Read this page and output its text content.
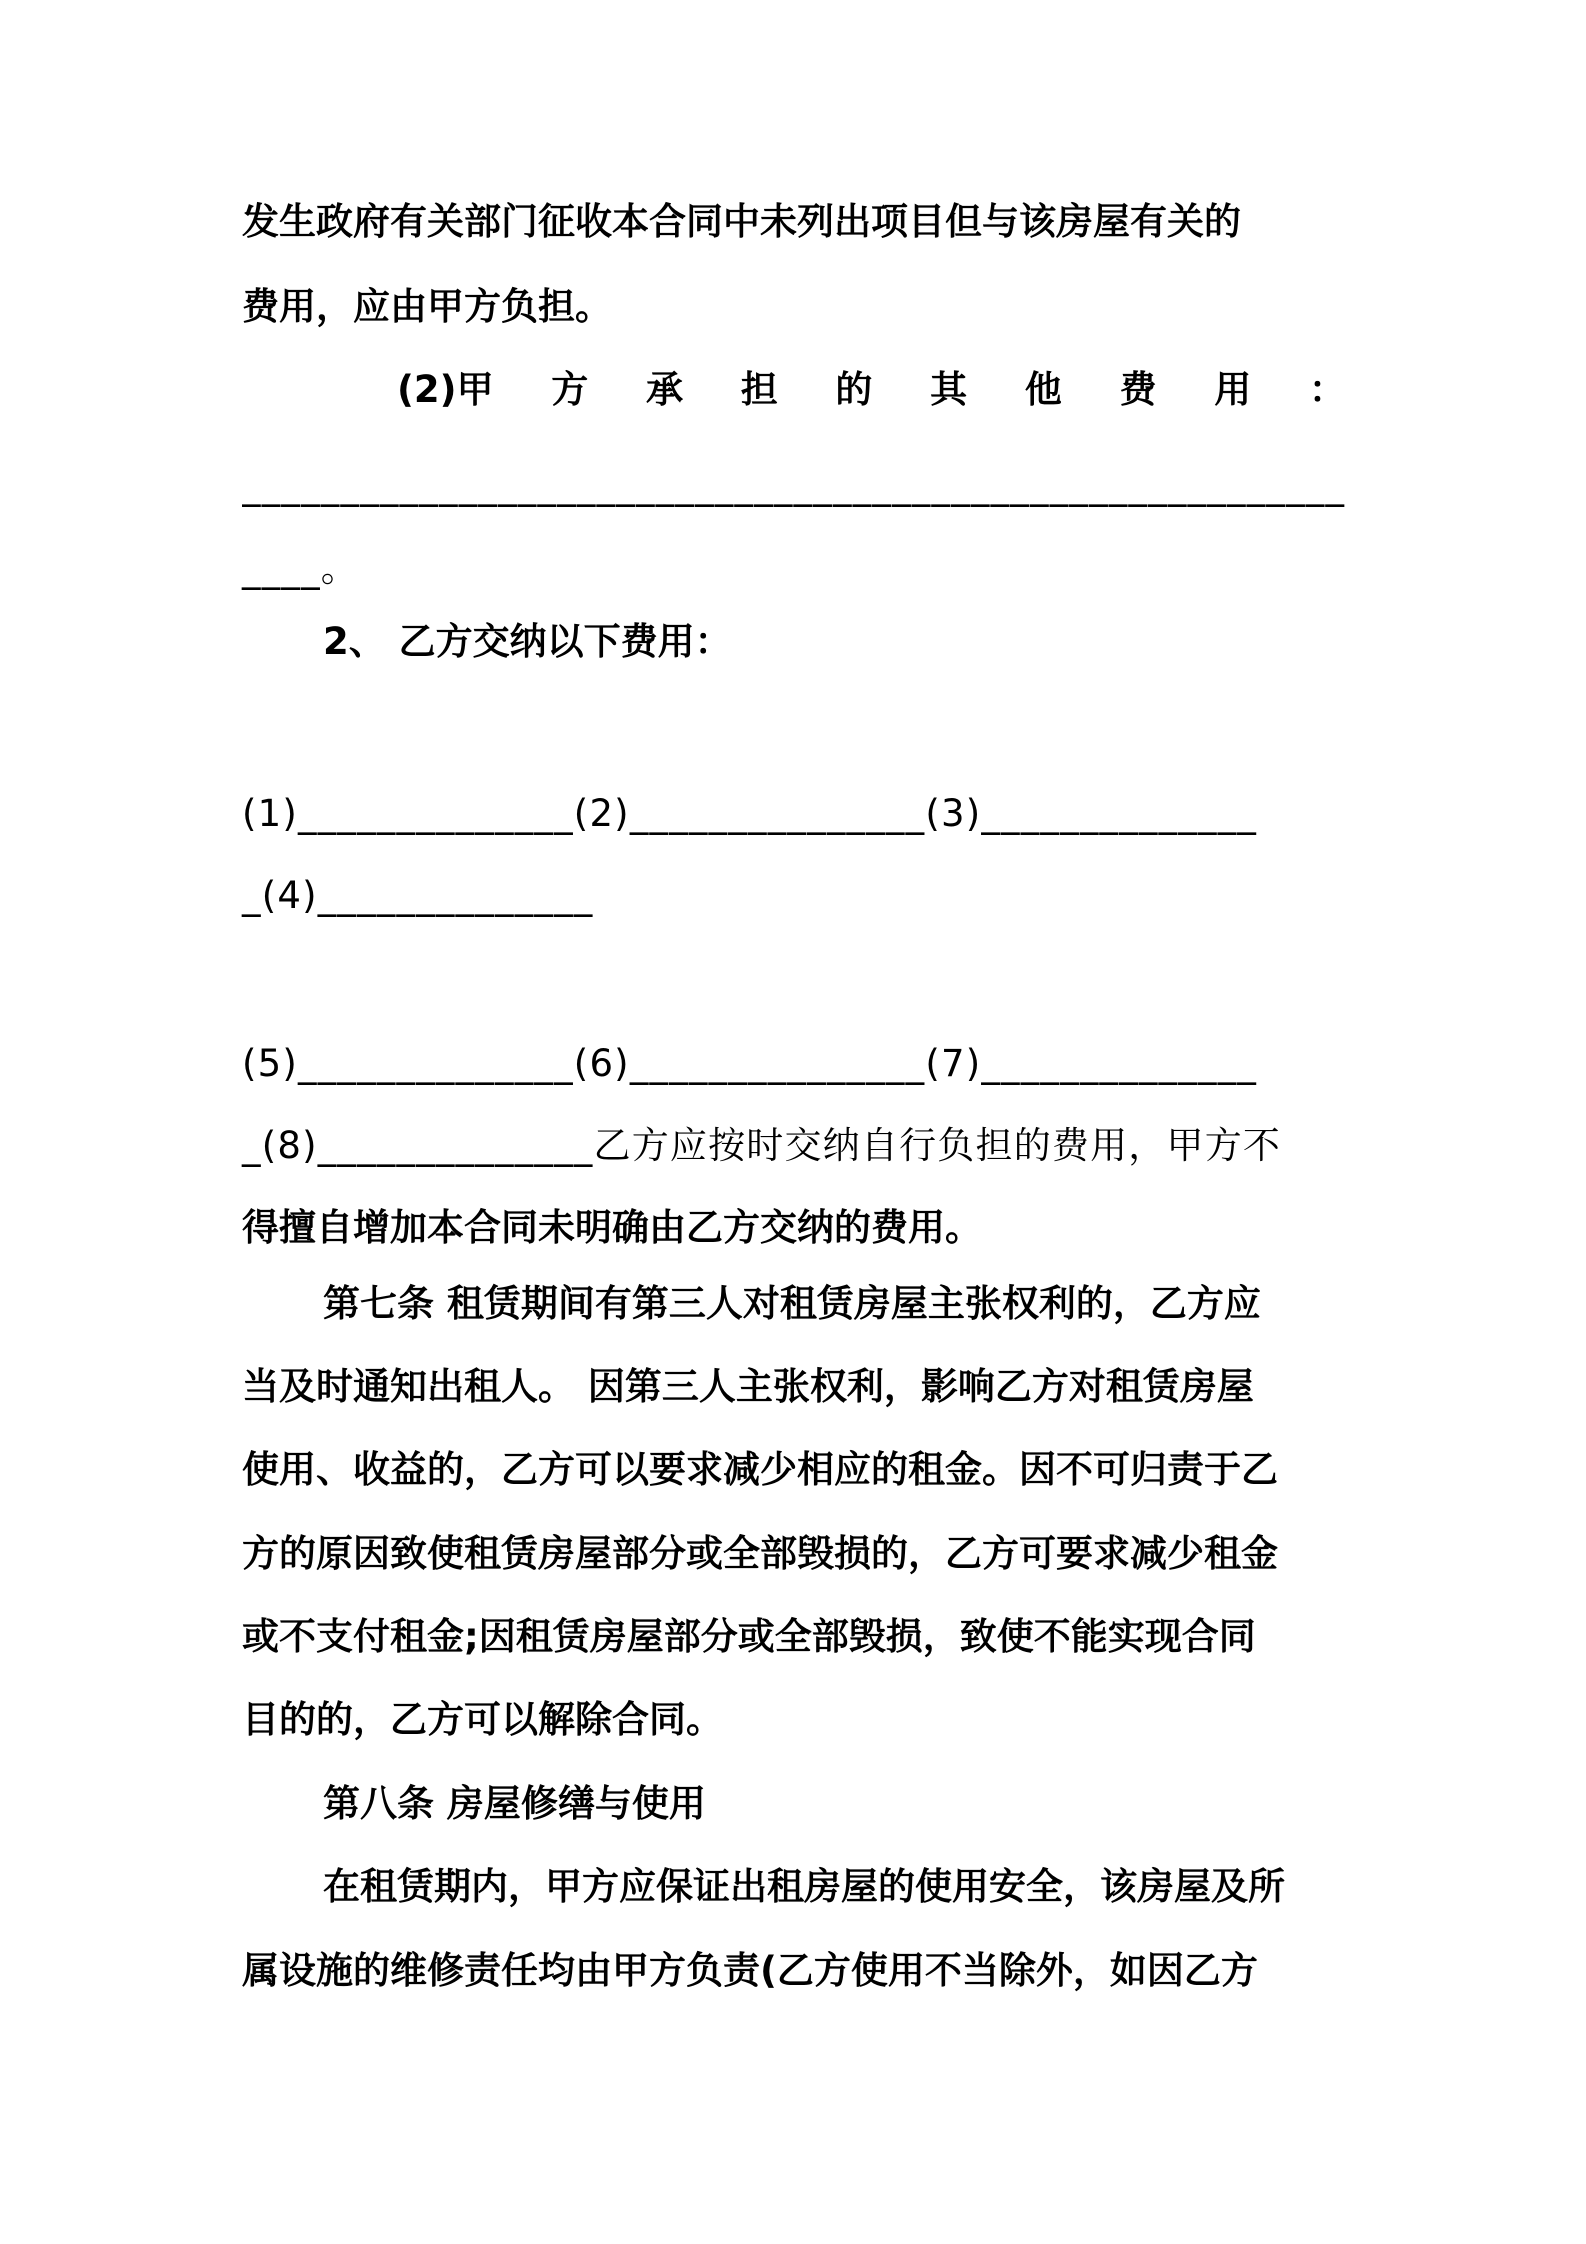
发生政府有关部门征收本合同中未列出项目但与该房屋有关的
费用，应由甲方负担。
(2)甲 方 承 担 的 其 他 费 用 ：
________________________________________________________
____。
2、 乙方交纳以下费用：
(1)______________(2)_______________(3)______________
_(4)______________
(5)______________(6)_______________(7)______________
_(8)______________乙方应按时交纳自行负担的费用，甲方不
得擅自增加本合同未明确由乙方交纳的费用。
第七条 租赁期间有第三人对租赁房屋主张权利的，乙方应
当及时通知出租人。 因第三人主张权利，影响乙方对租赁房屋
使用、收益的，乙方可以要求减少相应的租金。因不可归责于乙
方的原因致使租赁房屋部分或全部毁损的，乙方可要求减少租金
或不支付租金;因租赁房屋部分或全部毁损，致使不能实现合同
目的的，乙方可以解除合同。
第八条 房屋修缮与使用
在租赁期内，甲方应保证出租房屋的使用安全，该房屋及所
属设施的维修责任均由甲方负责(乙方使用不当除外，如因乙方
